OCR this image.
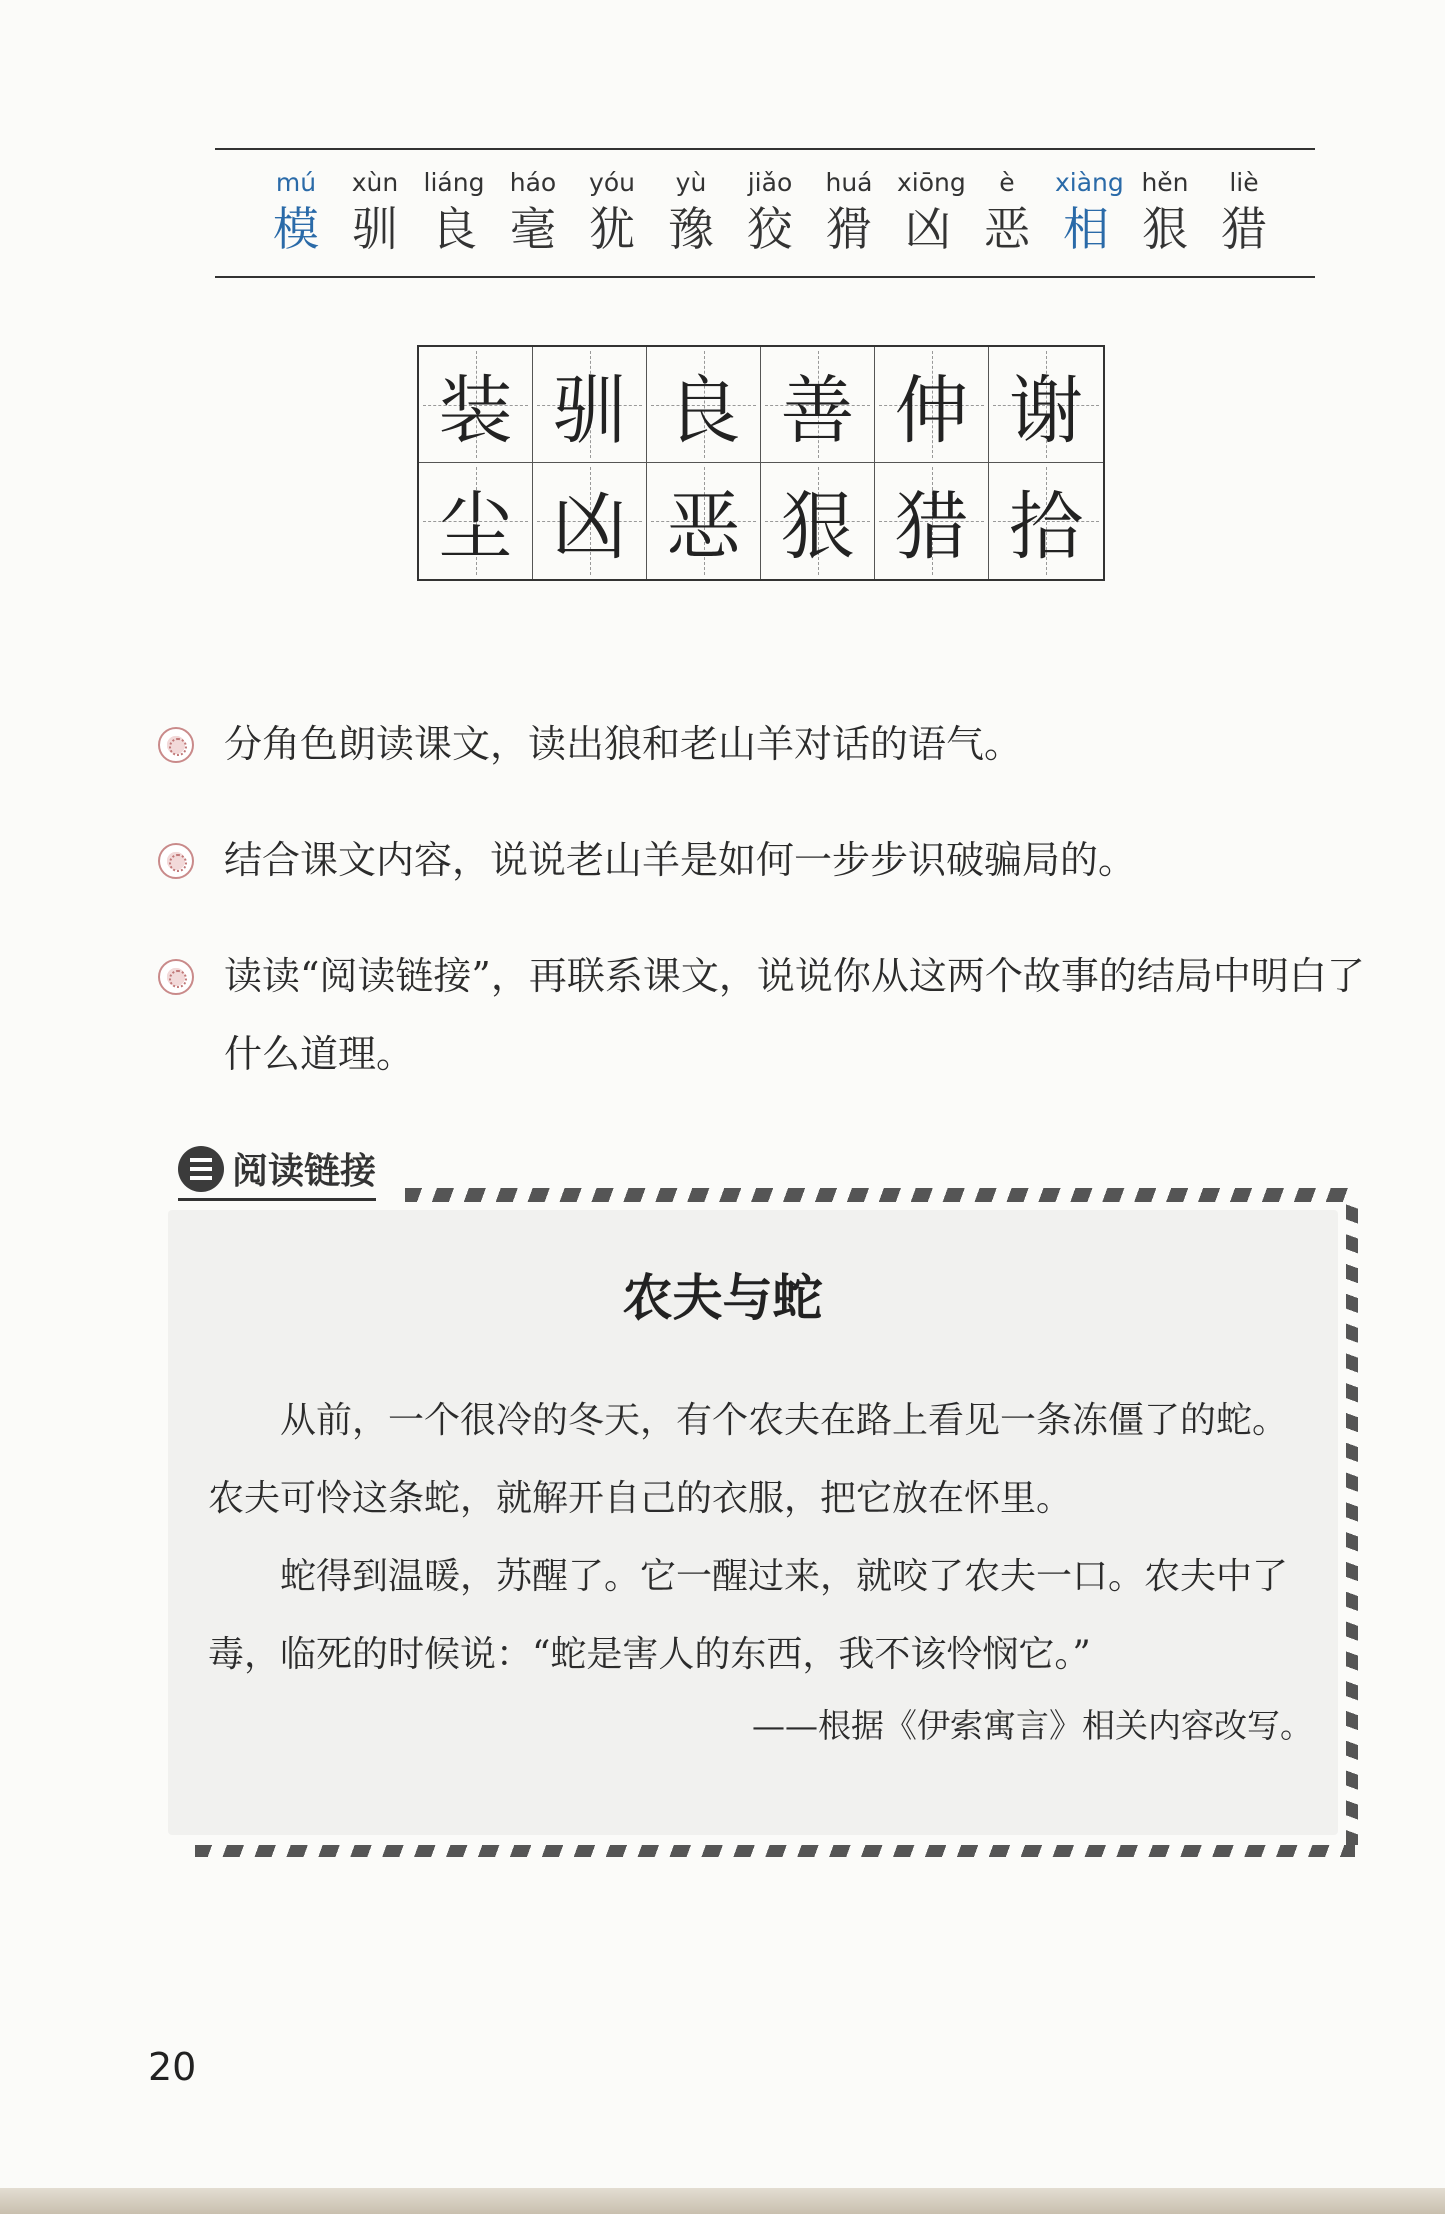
mú
模
xùn
驯
liáng
良
háo
毫
yóu
犹
yù
豫
jiǎo
狡
huá
猾
xiōng
凶
è
恶
xiàng
相
hěn
狠
liè
猎
装 驯 良 善 伸 谢
尘 凶 恶 狠 猎 拾
分角色朗读课文，读出狼和老山羊对话的语气。
结合课文内容，说说老山羊是如何一步步识破骗局的。
读读“阅读链接”，再联系课文，说说你从这两个故事的结局中明白了什么道理。
阅读链接
农夫与蛇

从前，一个很冷的冬天，有个农夫在路上看见一条冻僵了的蛇。农夫可怜这条蛇，就解开自己的衣服，把它放在怀里。

蛇得到温暖，苏醒了。它一醒过来，就咬了农夫一口。农夫中了毒，临死的时候说：“蛇是害人的东西，我不该怜悯它。”

——根据《伊索寓言》相关内容改写。
20
